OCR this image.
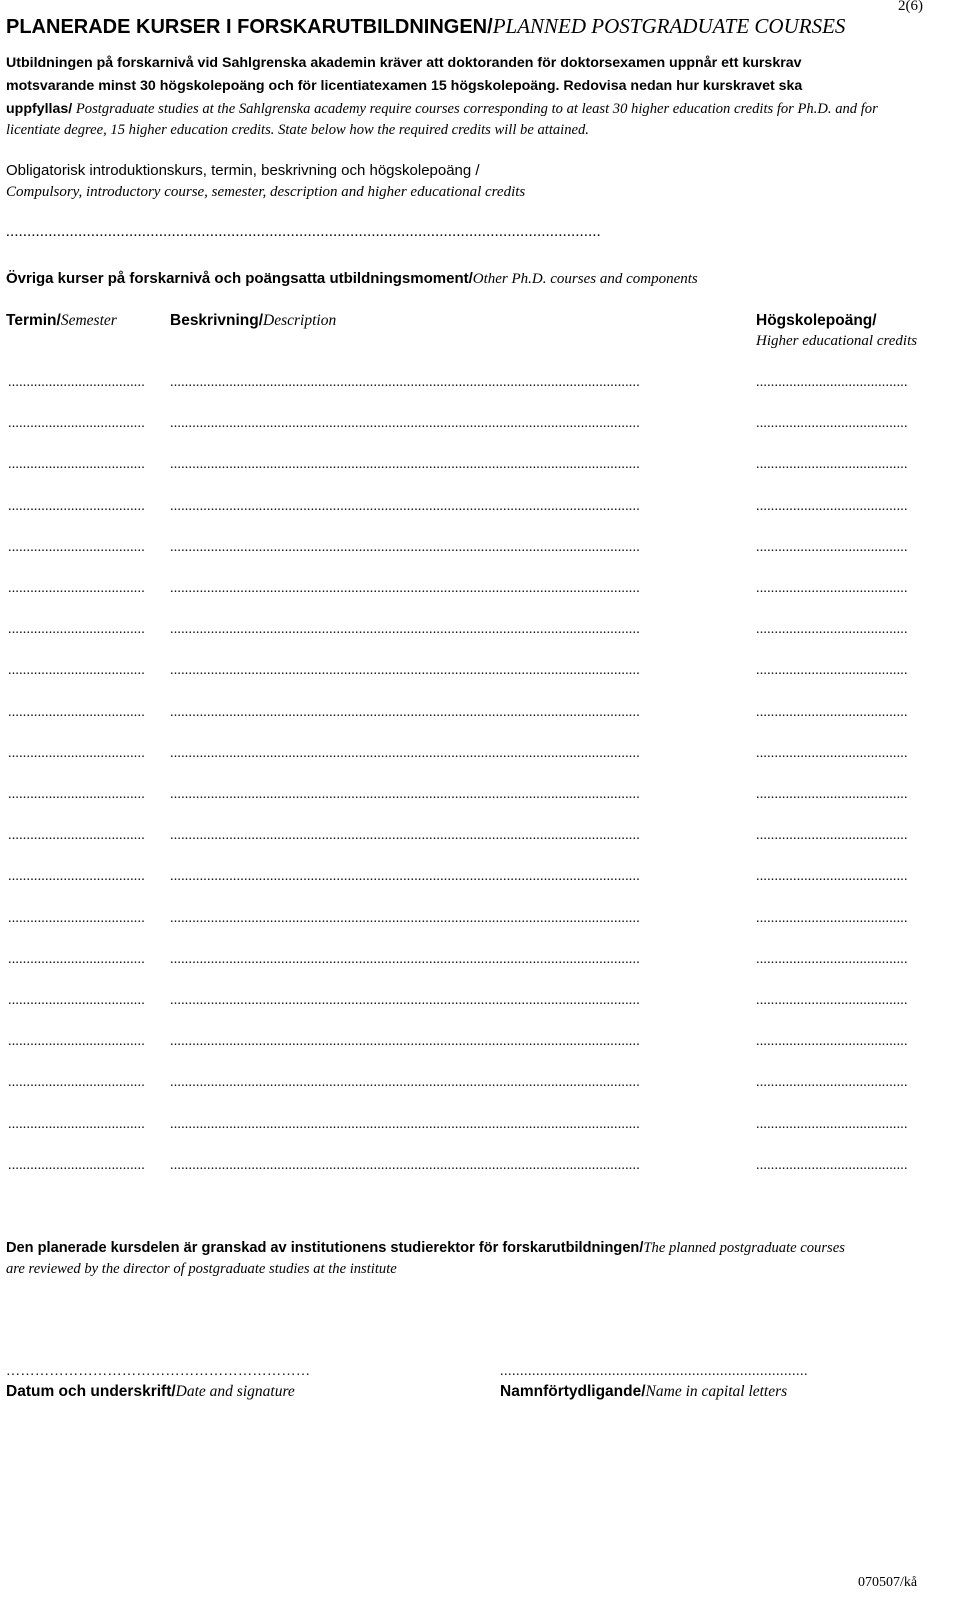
2(6)
PLANERADE KURSER I FORSKARUTBILDNINGEN/PLANNED POSTGRADUATE COURSES
Utbildningen på forskarnivå vid Sahlgrenska akademin kräver att doktoranden för doktorsexamen uppnår ett kurskrav
motsvarande minst 30 högskolepoäng och för licentiatexamen 15 högskolepoäng. Redovisa nedan hur kurskravet ska
uppfyllas/ Postgraduate studies at the Sahlgrenska academy require courses corresponding to at least 30 higher education credits for Ph.D. and for
licentiate degree, 15 higher education credits. State below how the required credits will be attained.
Obligatorisk introduktionskurs, termin, beskrivning och högskolepoäng /
Compulsory, introductory course, semester, description and higher educational credits
............................................................................................................................................
Övriga kurser på forskarnivå och poängsatta utbildningsmoment/Other Ph.D. courses and components
Termin/Semester	Beskrivning/Description	Högskolepoäng/
Higher educational credits
..................................... ...............................................................................................................................	.........................................
..................................... ...............................................................................................................................	.........................................
..................................... ...............................................................................................................................	.........................................
..................................... ...............................................................................................................................	.........................................
..................................... ...............................................................................................................................	.........................................
..................................... ...............................................................................................................................	.........................................
..................................... ...............................................................................................................................	.........................................
..................................... ...............................................................................................................................	.........................................
..................................... ...............................................................................................................................	.........................................
..................................... ...............................................................................................................................	.........................................
..................................... ...............................................................................................................................	.........................................
..................................... ...............................................................................................................................	.........................................
..................................... ...............................................................................................................................	.........................................
..................................... ...............................................................................................................................	.........................................
..................................... ...............................................................................................................................	.........................................
..................................... ...............................................................................................................................	.........................................
..................................... ...............................................................................................................................	.........................................
..................................... ...............................................................................................................................	.........................................
..................................... ...............................................................................................................................	.........................................
..................................... ...............................................................................................................................	.........................................
Den planerade kursdelen är granskad av institutionens studierektor för forskarutbildningen/The planned postgraduate courses
are reviewed by the director of postgraduate studies at the institute
………………………………………………………	.............................................................................
Datum och underskrift/Date and signature	Namnförtydligande/Name in capital letters
070507/kå
